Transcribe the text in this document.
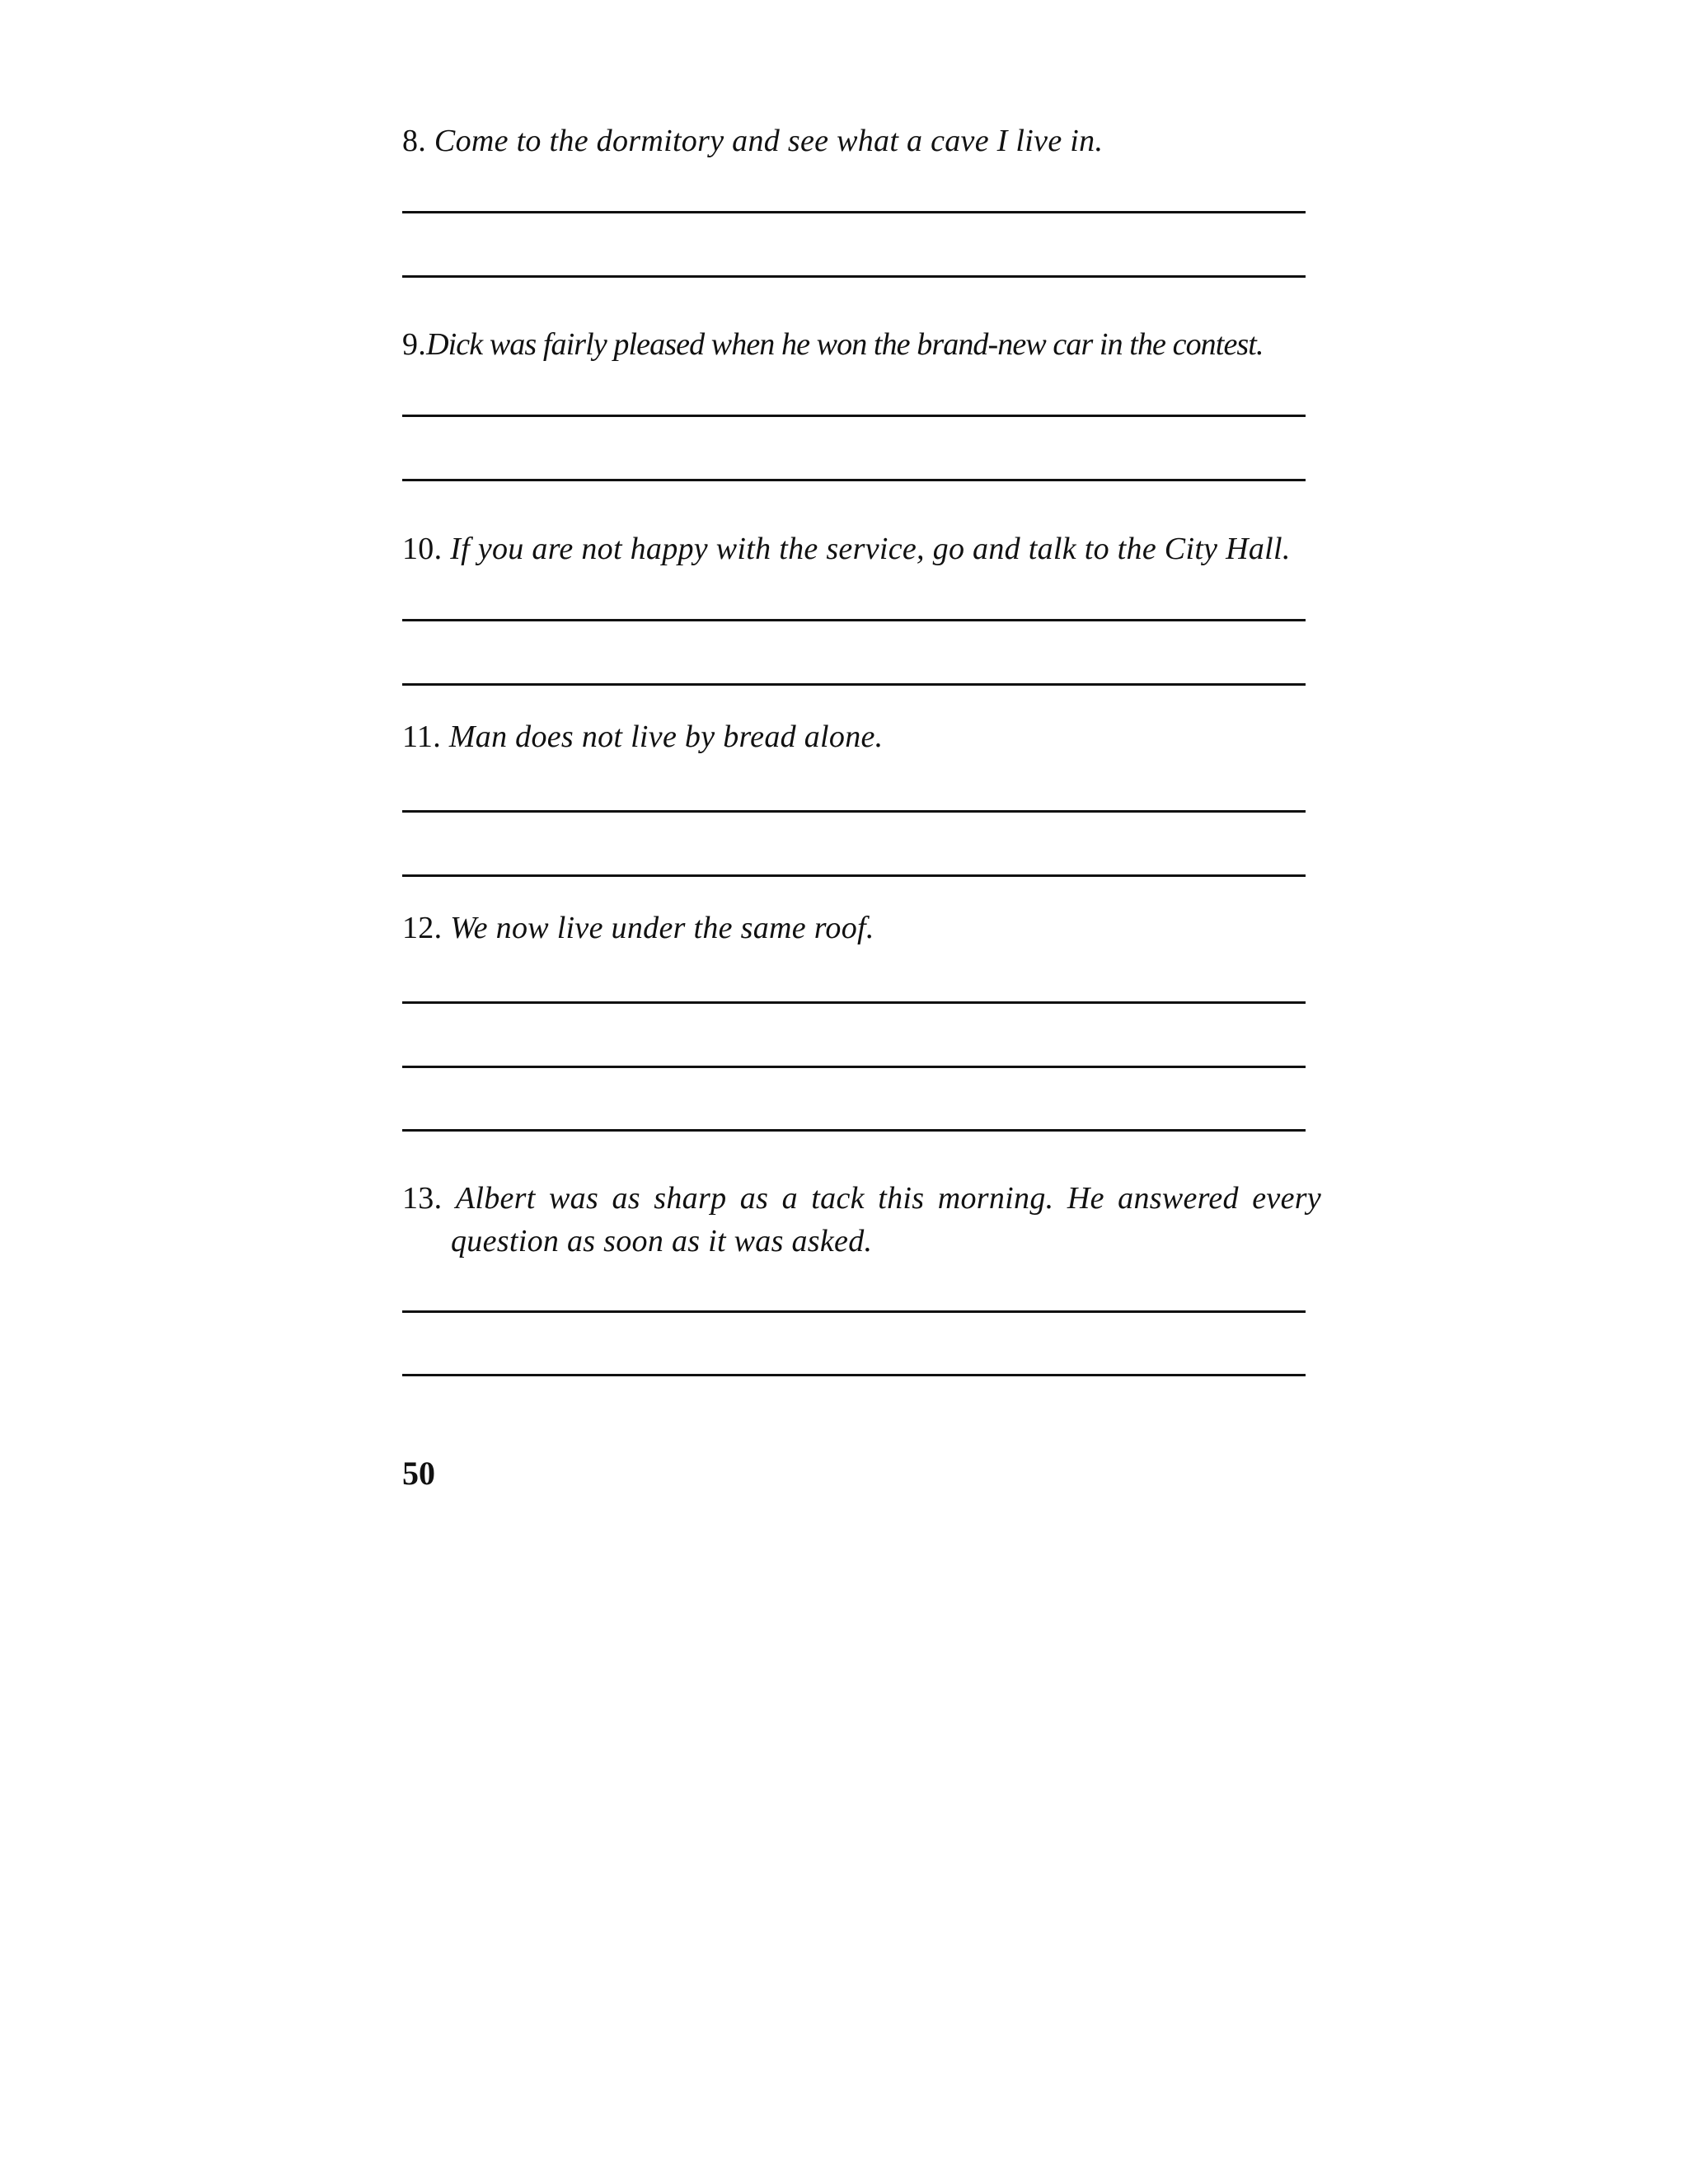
8. Come to the dormitory and see what a cave I live in.
9.Dick was fairly pleased when he won the brand-new car in the contest.
10. If you are not happy with the service, go and talk to the City Hall.
11. Man does not live by bread alone.
12. We now live under the same roof.
13. Albert was as sharp as a tack this morning. He answered every
question as soon as it was asked.
50
